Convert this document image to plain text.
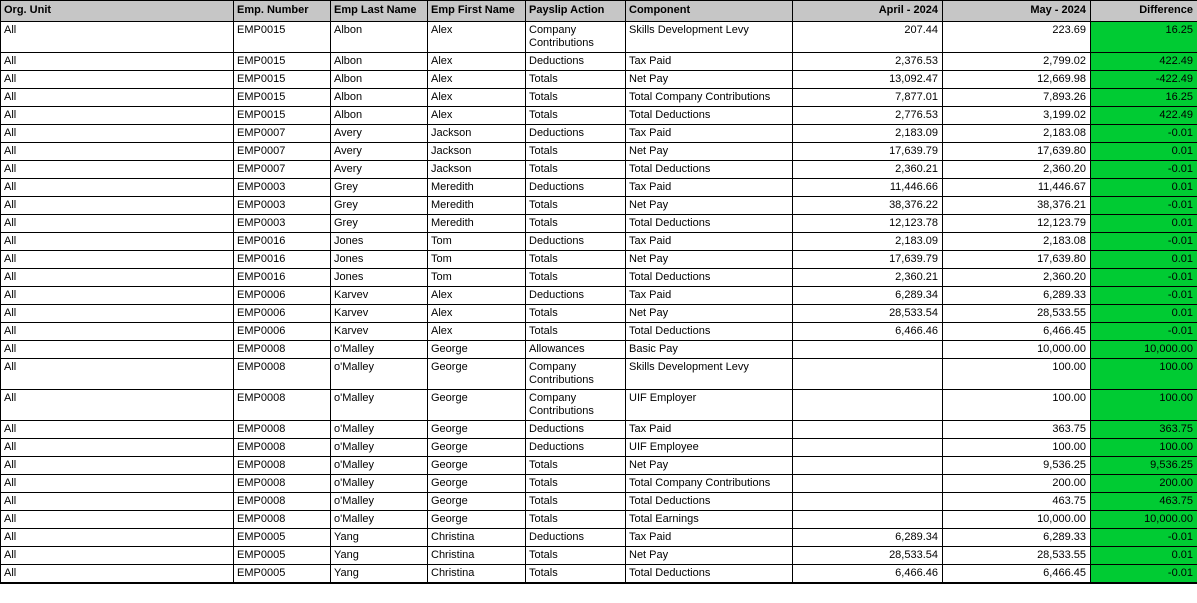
Org. Unit	Emp. Number	Emp Last Name	Emp First Name	Payslip Action	Component	April - 2024	May - 2024	Difference
All	EMP0015	Albon	Alex	Company Contributions	Skills Development Levy	207.44	223.69	16.25
All	EMP0015	Albon	Alex	Deductions	Tax Paid	2,376.53	2,799.02	422.49
All	EMP0015	Albon	Alex	Totals	Net Pay	13,092.47	12,669.98	-422.49
All	EMP0015	Albon	Alex	Totals	Total Company Contributions	7,877.01	7,893.26	16.25
All	EMP0015	Albon	Alex	Totals	Total Deductions	2,776.53	3,199.02	422.49
All	EMP0007	Avery	Jackson	Deductions	Tax Paid	2,183.09	2,183.08	-0.01
All	EMP0007	Avery	Jackson	Totals	Net Pay	17,639.79	17,639.80	0.01
All	EMP0007	Avery	Jackson	Totals	Total Deductions	2,360.21	2,360.20	-0.01
All	EMP0003	Grey	Meredith	Deductions	Tax Paid	11,446.66	11,446.67	0.01
All	EMP0003	Grey	Meredith	Totals	Net Pay	38,376.22	38,376.21	-0.01
All	EMP0003	Grey	Meredith	Totals	Total Deductions	12,123.78	12,123.79	0.01
All	EMP0016	Jones	Tom	Deductions	Tax Paid	2,183.09	2,183.08	-0.01
All	EMP0016	Jones	Tom	Totals	Net Pay	17,639.79	17,639.80	0.01
All	EMP0016	Jones	Tom	Totals	Total Deductions	2,360.21	2,360.20	-0.01
All	EMP0006	Karvev	Alex	Deductions	Tax Paid	6,289.34	6,289.33	-0.01
All	EMP0006	Karvev	Alex	Totals	Net Pay	28,533.54	28,533.55	0.01
All	EMP0006	Karvev	Alex	Totals	Total Deductions	6,466.46	6,466.45	-0.01
All	EMP0008	o'Malley	George	Allowances	Basic Pay		10,000.00	10,000.00
All	EMP0008	o'Malley	George	Company Contributions	Skills Development Levy		100.00	100.00
All	EMP0008	o'Malley	George	Company Contributions	UIF Employer		100.00	100.00
All	EMP0008	o'Malley	George	Deductions	Tax Paid		363.75	363.75
All	EMP0008	o'Malley	George	Deductions	UIF Employee		100.00	100.00
All	EMP0008	o'Malley	George	Totals	Net Pay		9,536.25	9,536.25
All	EMP0008	o'Malley	George	Totals	Total Company Contributions		200.00	200.00
All	EMP0008	o'Malley	George	Totals	Total Deductions		463.75	463.75
All	EMP0008	o'Malley	George	Totals	Total Earnings		10,000.00	10,000.00
All	EMP0005	Yang	Christina	Deductions	Tax Paid	6,289.34	6,289.33	-0.01
All	EMP0005	Yang	Christina	Totals	Net Pay	28,533.54	28,533.55	0.01
All	EMP0005	Yang	Christina	Totals	Total Deductions	6,466.46	6,466.45	-0.01
